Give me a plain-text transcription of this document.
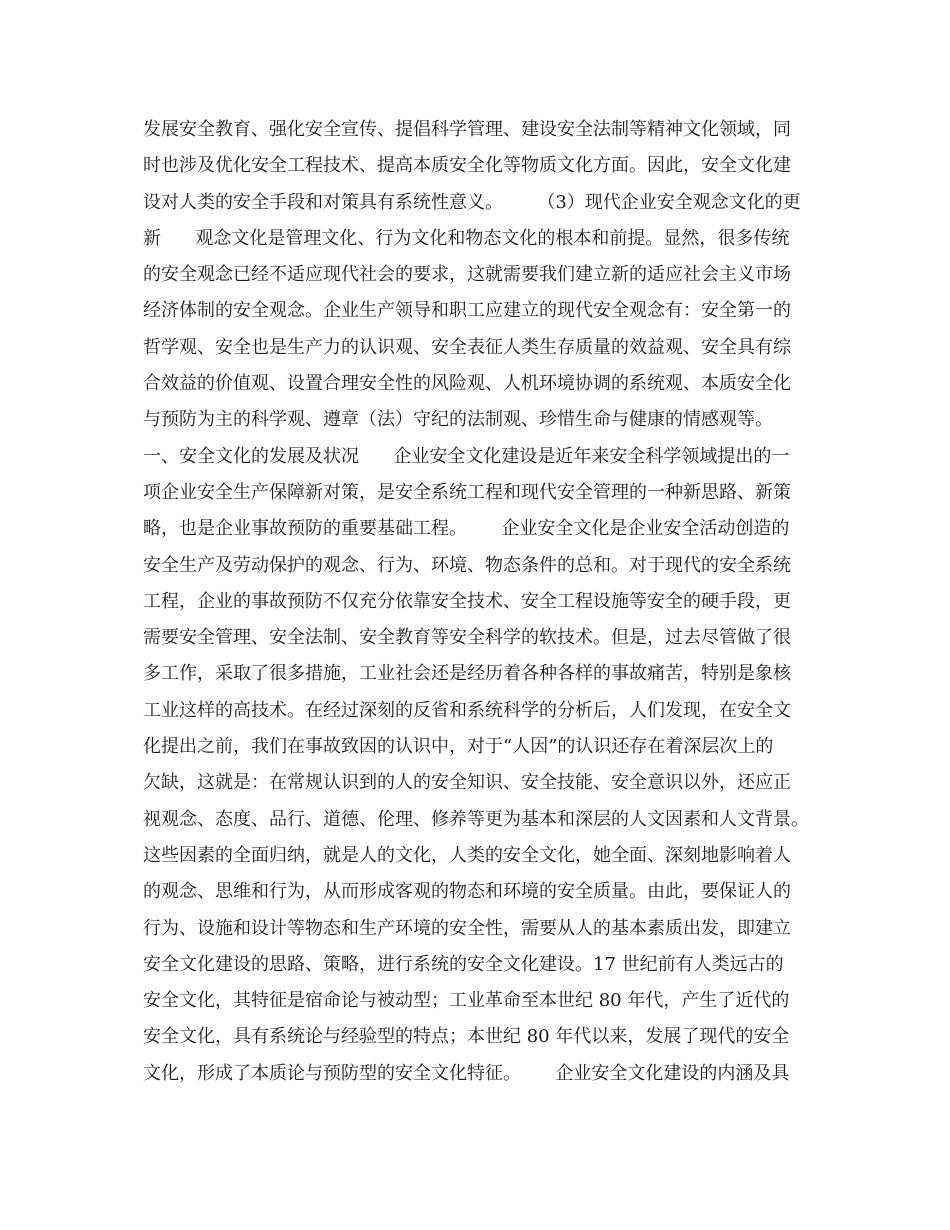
发展安全教育、强化安全宣传、提倡科学管理、建设安全法制等精神文化领域，同
时也涉及优化安全工程技术、提高本质安全化等物质文化方面。因此，安全文化建
设对人类的安全手段和对策具有系统性意义。      （3）现代企业安全观念文化的更
新      观念文化是管理文化、行为文化和物态文化的根本和前提。显然，很多传统
的安全观念已经不适应现代社会的要求，这就需要我们建立新的适应社会主义市场
经济体制的安全观念。企业生产领导和职工应建立的现代安全观念有：安全第一的
哲学观、安全也是生产力的认识观、安全表征人类生存质量的效益观、安全具有综
合效益的价值观、设置合理安全性的风险观、人机环境协调的系统观、本质安全化
与预防为主的科学观、遵章（法）守纪的法制观、珍惜生命与健康的情感观等。
一、安全文化的发展及状况      企业安全文化建设是近年来安全科学领域提出的一
项企业安全生产保障新对策，是安全系统工程和现代安全管理的一种新思路、新策
略，也是企业事故预防的重要基础工程。      企业安全文化是企业安全活动创造的
安全生产及劳动保护的观念、行为、环境、物态条件的总和。对于现代的安全系统
工程，企业的事故预防不仅充分依靠安全技术、安全工程设施等安全的硬手段，更
需要安全管理、安全法制、安全教育等安全科学的软技术。但是，过去尽管做了很
多工作，采取了很多措施，工业社会还是经历着各种各样的事故痛苦，特别是象核
工业这样的高技术。在经过深刻的反省和系统科学的分析后，人们发现，在安全文
化提出之前，我们在事故致因的认识中，对于“人因”的认识还存在着深层次上的
欠缺，这就是：在常规认识到的人的安全知识、安全技能、安全意识以外，还应正
视观念、态度、品行、道德、伦理、修养等更为基本和深层的人文因素和人文背景。
这些因素的全面归纳，就是人的文化，人类的安全文化，她全面、深刻地影响着人
的观念、思维和行为，从而形成客观的物态和环境的安全质量。由此，要保证人的
行为、设施和设计等物态和生产环境的安全性，需要从人的基本素质出发，即建立
安全文化建设的思路、策略，进行系统的安全文化建设。17 世纪前有人类远古的
安全文化，其特征是宿命论与被动型；工业革命至本世纪 80 年代，产生了近代的
安全文化，具有系统论与经验型的特点；本世纪 80 年代以来，发展了现代的安全
文化，形成了本质论与预防型的安全文化特征。      企业安全文化建设的内涵及具
